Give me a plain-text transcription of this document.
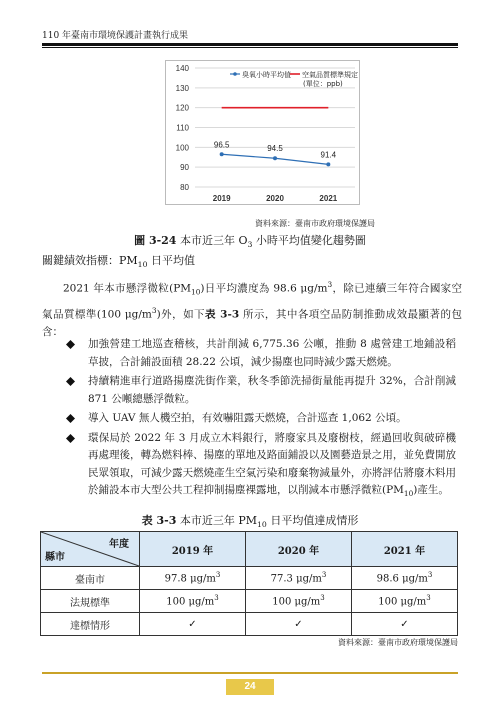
110 年臺南市環境保護計畫執行成果
80
90
100
110
120
130
140
2019	2020	2021
96.5	94.5
91.4
臭氧小時平均值 空氣品質標準規定
(單位：ppb)
資料來源：臺南市政府環境保護局
圖 3-24 本市近三年 $O_3$ 小時平均值變化趨勢圖
關鍵績效指標：$PM_{10}$ 日平均值
2021 年本市懸浮微粒$(PM_{10})$日平均濃度為 98.6 $\mu g/m^3$，除已連續三年符合國家空氣品質標準(100 $\mu g/m^3$)外，如下表 3-3 所示，其中各項空品防制推動成效最顯著的包含：
加強營建工地巡查稽核，共計削減 6,775.36 公噸，推動 8 處營建工地鋪設稻草披，合計鋪設面積 28.22 公頃，減少揚塵也同時減少露天燃燒。
持續精進車行道路揚塵洗街作業，秋冬季節洗掃街量能再提升 32%，合計削減 871 公噸總懸浮微粒。
導入 UAV 無人機空拍，有效嚇阻露天燃燒，合計巡查 1,062 公頃。
環保局於 2022 年 3 月成立木料銀行，將廢家具及廢樹枝，經過回收與破碎機再處理後，轉為燃料棒、揚塵的單地及路面鋪設以及園藝造景之用，並免費開放民眾領取，可減少露天燃燒產生空氣污染和廢棄物減量外，亦將評估將廢木料用於鋪設本市大型公共工程抑制揚塵裸露地，以削減本市懸浮微粒$(PM_{10})$產生。
表 3-3 本市近三年 $PM_{10}$ 日平均值達成情形
年度
縣市	2019 年	2020 年	2021 年
臺南市	97.8 $\mu g/m^3$	77.3 $\mu g/m^3$	98.6 $\mu g/m^3$
法規標準	100 $\mu g/m^3$	100 $\mu g/m^3$	100 $\mu g/m^3$
達標情形	✓	✓	✓
資料來源：臺南市政府環境保護局
24
